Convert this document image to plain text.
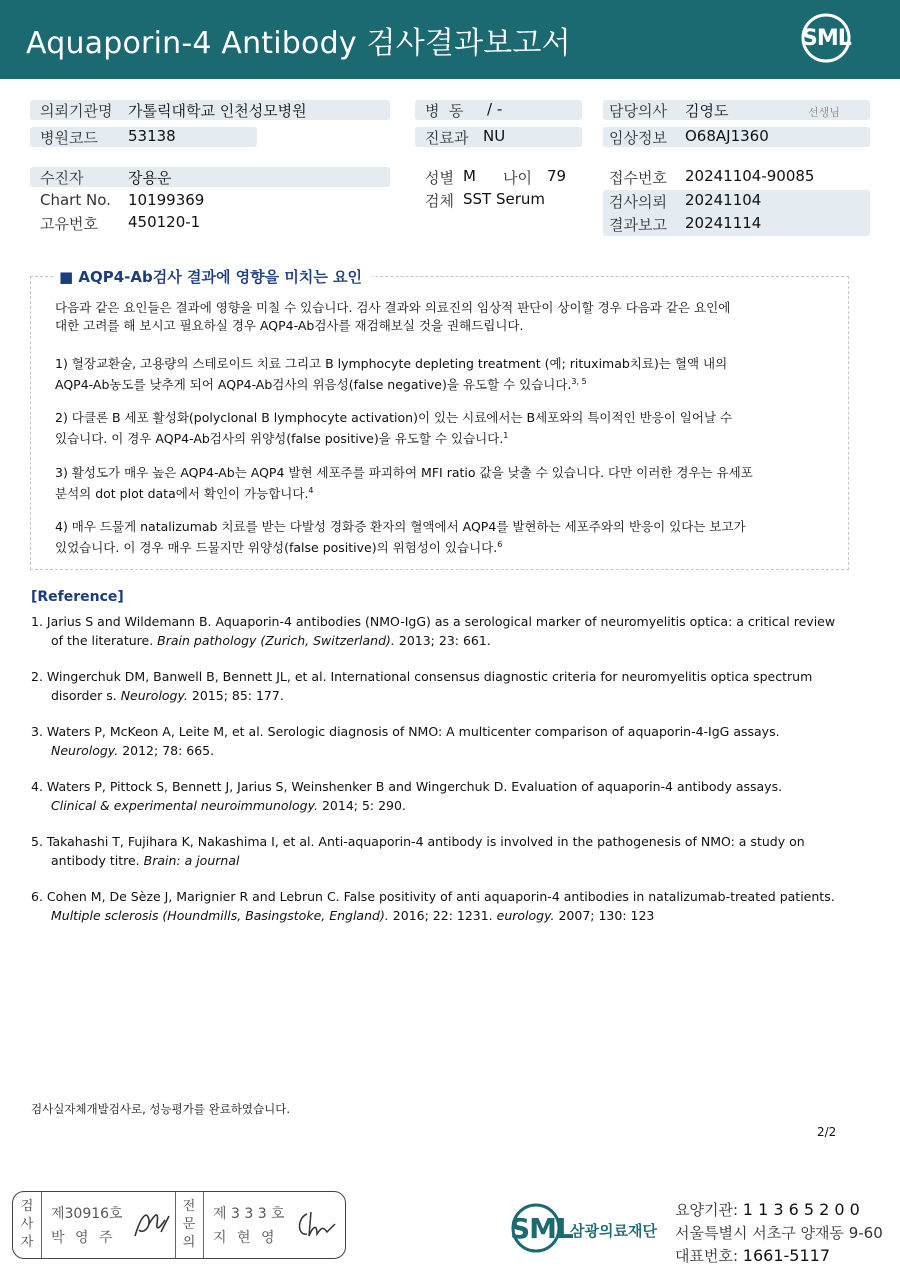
Aquaporin-4 Antibody 검사결과보고서	SML
의뢰기관명 가톨릭대학교 인천성모병원
병원코드 53138
병  동 / -
진료과 NU
담당의사 김영도	선생님
임상정보 O68AJ1360
수진자	장용운
Chart No. 10199369
고유번호 450120-1
성별 M 나이 79
검체 SST Serum
접수번호 20241104-90085
검사의뢰 20241104
결과보고 20241114
■ AQP4-Ab검사 결과에 영향을 미치는 요인
다음과 같은 요인들은 결과에 영향을 미칠 수 있습니다. 검사 결과와 의료진의 임상적 판단이 상이할 경우 다음과 같은 요인에
대한 고려를 해 보시고 필요하실 경우 AQP4-Ab검사를 재검해보실 것을 권해드립니다.
1) 혈장교환술, 고용량의 스테로이드 치료 그리고 B lymphocyte depleting treatment (예; rituximab치료)는 혈액 내의
AQP4-Ab농도를 낮추게 되어 AQP4-Ab검사의 위음성(false negative)을 유도할 수 있습니다.$^{3, 5}$
2) 다클론 B 세포 활성화(polyclonal B lymphocyte activation)이 있는 시료에서는 B세포와의 특이적인 반응이 일어날 수
있습니다. 이 경우 AQP4-Ab검사의 위양성(false positive)을 유도할 수 있습니다.$^1$
3) 활성도가 매우 높은 AQP4-Ab는 AQP4 발현 세포주를 파괴하여 MFI ratio 값을 낮출 수 있습니다. 다만 이러한 경우는 유세포
분석의 dot plot data에서 확인이 가능합니다.$^4$
4) 매우 드물게 natalizumab 치료를 받는 다발성 경화증 환자의 혈액에서 AQP4를 발현하는 세포주와의 반응이 있다는 보고가
있었습니다. 이 경우 매우 드물지만 위양성(false positive)의 위험성이 있습니다.$^6$
[Reference]
1. Jarius S and Wildemann B. Aquaporin-4 antibodies (NMO-IgG) as a serological marker of neuromyelitis optica: a critical review
of the literature. Brain pathology (Zurich, Switzerland). 2013; 23: 661.
2. Wingerchuk DM, Banwell B, Bennett JL, et al. International consensus diagnostic criteria for neuromyelitis optica spectrum
disorder s. Neurology. 2015; 85: 177.
3. Waters P, McKeon A, Leite M, et al. Serologic diagnosis of NMO: A multicenter comparison of aquaporin-4-IgG assays.
Neurology. 2012; 78: 665.
4. Waters P, Pittock S, Bennett J, Jarius S, Weinshenker B and Wingerchuk D. Evaluation of aquaporin-4 antibody assays.
Clinical & experimental neuroimmunology. 2014; 5: 290.
5. Takahashi T, Fujihara K, Nakashima I, et al. Anti-aquaporin-4 antibody is involved in the pathogenesis of NMO: a study on
antibody titre. Brain: a journal
6. Cohen M, De Sèze J, Marignier R and Lebrun C. False positivity of anti aquaporin-4 antibodies in natalizumab-treated patients.
Multiple sclerosis (Houndmills, Basingstoke, England). 2016; 22: 1231. eurology. 2007; 130: 123
검사실자체개발검사로, 성능평가를 완료하였습니다.
2/2
검
사
자
제30916호
박 영 주
전
문
의
제 3 3 3 호
지 현 영	SML
삼광의료재단
요양기관: 1 1 3 6 5 2 0 0
서울특별시 서초구 양재동 9-60
대표번호: 1661-5117
